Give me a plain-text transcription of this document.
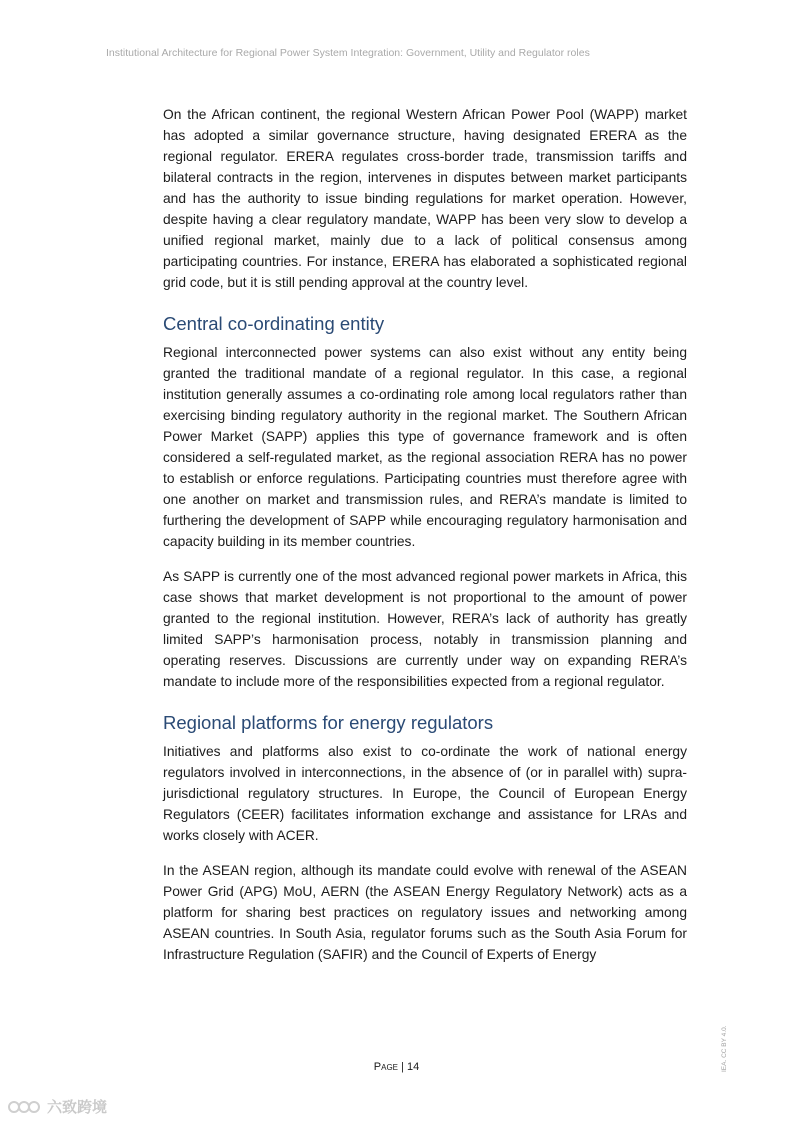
Institutional Architecture for Regional Power System Integration: Government, Utility and Regulator roles

On the African continent, the regional Western African Power Pool (WAPP) market has adopted a similar governance structure, having designated ERERA as the regional regulator. ERERA regulates cross-border trade, transmission tariffs and bilateral contracts in the region, intervenes in disputes between market participants and has the authority to issue binding regulations for market operation. However, despite having a clear regulatory mandate, WAPP has been very slow to develop a unified regional market, mainly due to a lack of political consensus among participating countries. For instance, ERERA has elaborated a sophisticated regional grid code, but it is still pending approval at the country level.

Central co-ordinating entity

Regional interconnected power systems can also exist without any entity being granted the traditional mandate of a regional regulator. In this case, a regional institution generally assumes a co-ordinating role among local regulators rather than exercising binding regulatory authority in the regional market. The Southern African Power Market (SAPP) applies this type of governance framework and is often considered a self-regulated market, as the regional association RERA has no power to establish or enforce regulations. Participating countries must therefore agree with one another on market and transmission rules, and RERA’s mandate is limited to furthering the development of SAPP while encouraging regulatory harmonisation and capacity building in its member countries.

As SAPP is currently one of the most advanced regional power markets in Africa, this case shows that market development is not proportional to the amount of power granted to the regional institution. However, RERA’s lack of authority has greatly limited SAPP’s harmonisation process, notably in transmission planning and operating reserves. Discussions are currently under way on expanding RERA’s mandate to include more of the responsibilities expected from a regional regulator.

Regional platforms for energy regulators

Initiatives and platforms also exist to co-ordinate the work of national energy regulators involved in interconnections, in the absence of (or in parallel with) supra-jurisdictional regulatory structures. In Europe, the Council of European Energy Regulators (CEER) facilitates information exchange and assistance for LRAs and works closely with ACER.

In the ASEAN region, although its mandate could evolve with renewal of the ASEAN Power Grid (APG) MoU, AERN (the ASEAN Energy Regulatory Network) acts as a platform for sharing best practices on regulatory issues and networking among ASEAN countries. In South Asia, regulator forums such as the South Asia Forum for Infrastructure Regulation (SAFIR) and the Council of Experts of Energy

Page | 14	IEA. CC BY 4.0.
六致跨境
